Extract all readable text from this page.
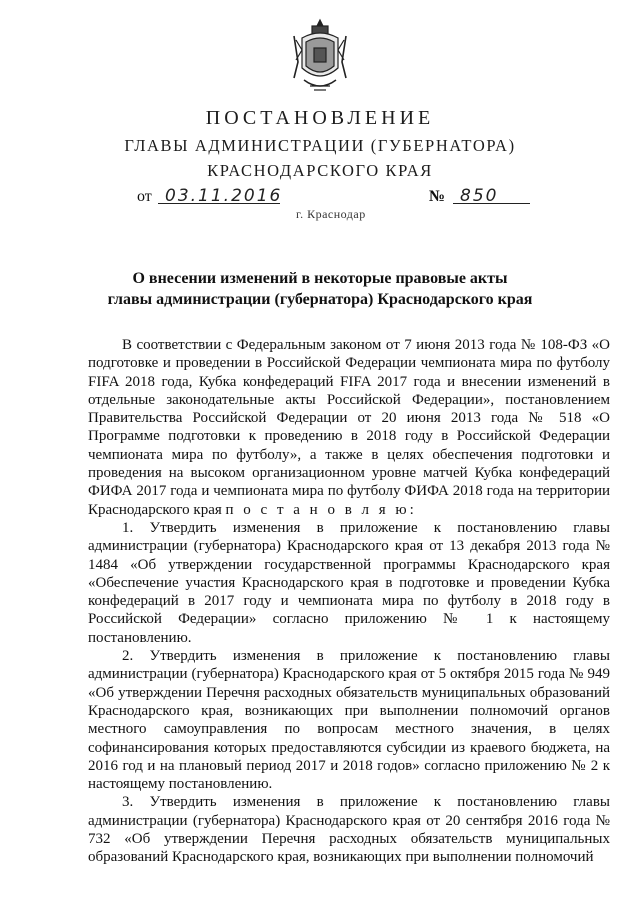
ПОСТАНОВЛЕНИЕ
ГЛАВЫ АДМИНИСТРАЦИИ (ГУБЕРНАТОРА)
КРАСНОДАРСКОГО КРАЯ
от 03.11.2016	№ 850
г. Краснодар
О внесении изменений в некоторые правовые акты
главы администрации (губернатора) Краснодарского края

В соответствии с Федеральным законом от 7 июня 2013 года № 108-ФЗ «О подготовке и проведении в Российской Федерации чемпионата мира по футболу FIFA 2018 года, Кубка конфедераций FIFA 2017 года и внесении изменений в отдельные законодательные акты Российской Федерации», постановлением Правительства Российской Федерации от 20 июня 2013 года № 518 «О Программе подготовки к проведению в 2018 году в Российской Федерации чемпионата мира по футболу», а также в целях обеспечения подготовки и проведения на высоком организационном уровне матчей Кубка конфедераций ФИФА 2017 года и чемпионата мира по футболу ФИФА 2018 года на территории Краснодарского края п о с т а н о в л я ю:

1. Утвердить изменения в приложение к постановлению главы администрации (губернатора) Краснодарского края от 13 декабря 2013 года № 1484 «Об утверждении государственной программы Краснодарского края «Обеспечение участия Краснодарского края в подготовке и проведении Кубка конфедераций в 2017 году и чемпионата мира по футболу в 2018 году в Российской Федерации» согласно приложению № 1 к настоящему постановлению.

2. Утвердить изменения в приложение к постановлению главы администрации (губернатора) Краснодарского края от 5 октября 2015 года № 949 «Об утверждении Перечня расходных обязательств муниципальных образований Краснодарского края, возникающих при выполнении полномочий органов местного самоуправления по вопросам местного значения, в целях софинансирования которых предоставляются субсидии из краевого бюджета, на 2016 год и на плановый период 2017 и 2018 годов» согласно приложению № 2 к настоящему постановлению.

3. Утвердить изменения в приложение к постановлению главы администрации (губернатора) Краснодарского края от 20 сентября 2016 года № 732 «Об утверждении Перечня расходных обязательств муниципальных образований Краснодарского края, возникающих при выполнении полномочий
